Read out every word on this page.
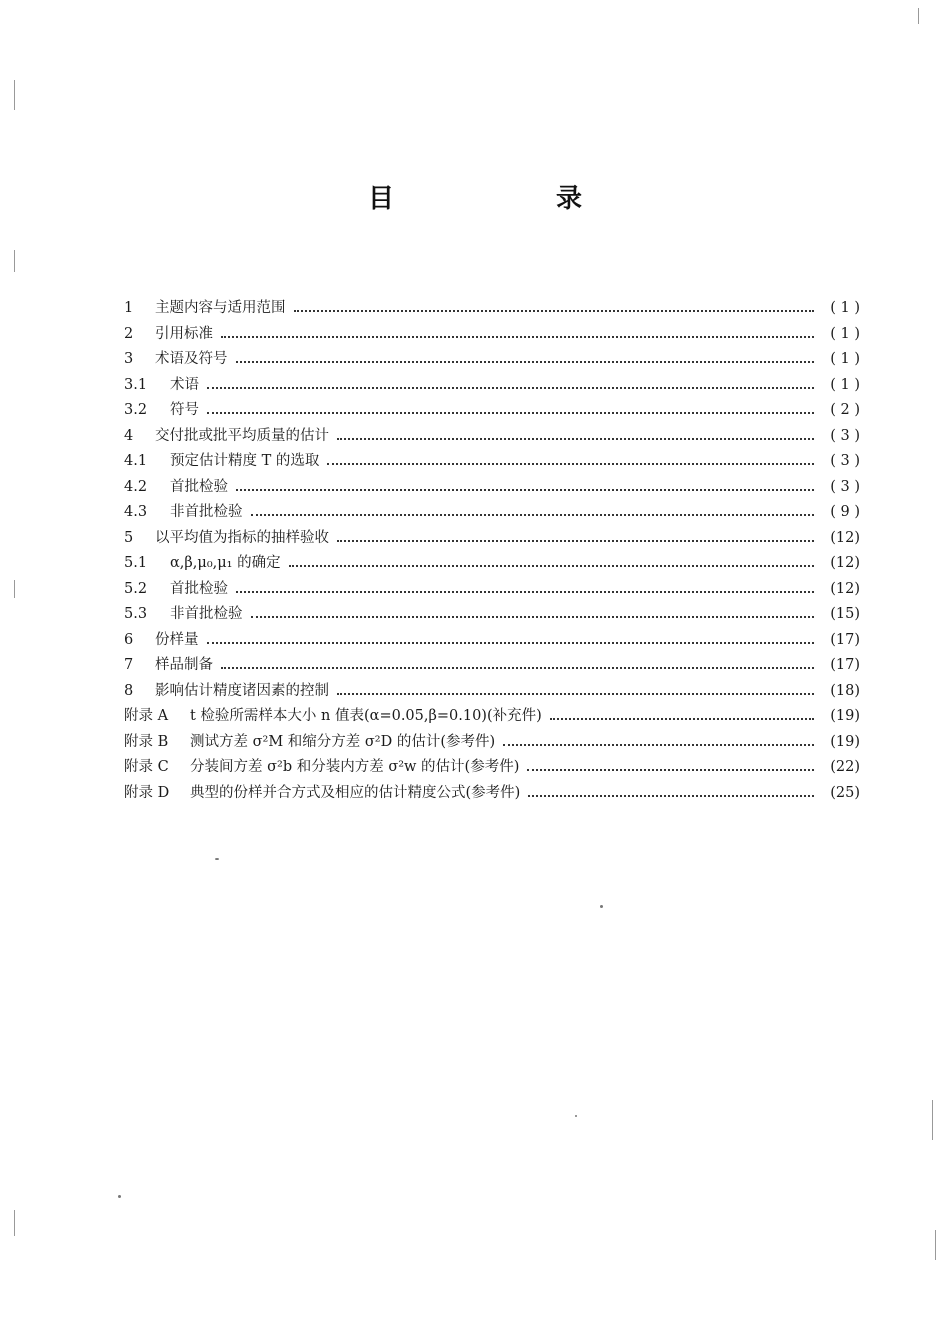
目　录
1	主题内容与适用范围	( 1 )
2	引用标准	( 1 )
3	术语及符号	( 1 )
3.1	术语	( 1 )
3.2	符号	( 2 )
4	交付批或批平均质量的估计	( 3 )
4.1	预定估计精度 T 的选取	( 3 )
4.2	首批检验	( 3 )
4.3	非首批检验	( 9 )
5	以平均值为指标的抽样验收	(12)
5.1	α,β,μ₀,μ₁ 的确定	(12)
5.2	首批检验	(12)
5.3	非首批检验	(15)
6	份样量	(17)
7	样品制备	(17)
8	影响估计精度诸因素的控制	(18)
附录 A	t 检验所需样本大小 n 值表(α=0.05,β=0.10)(补充件)	(19)
附录 B	测试方差 σ²M 和缩分方差 σ²D 的估计(参考件)	(19)
附录 C	分装间方差 σ²b 和分装内方差 σ²w 的估计(参考件)	(22)
附录 D	典型的份样并合方式及相应的估计精度公式(参考件)	(25)
